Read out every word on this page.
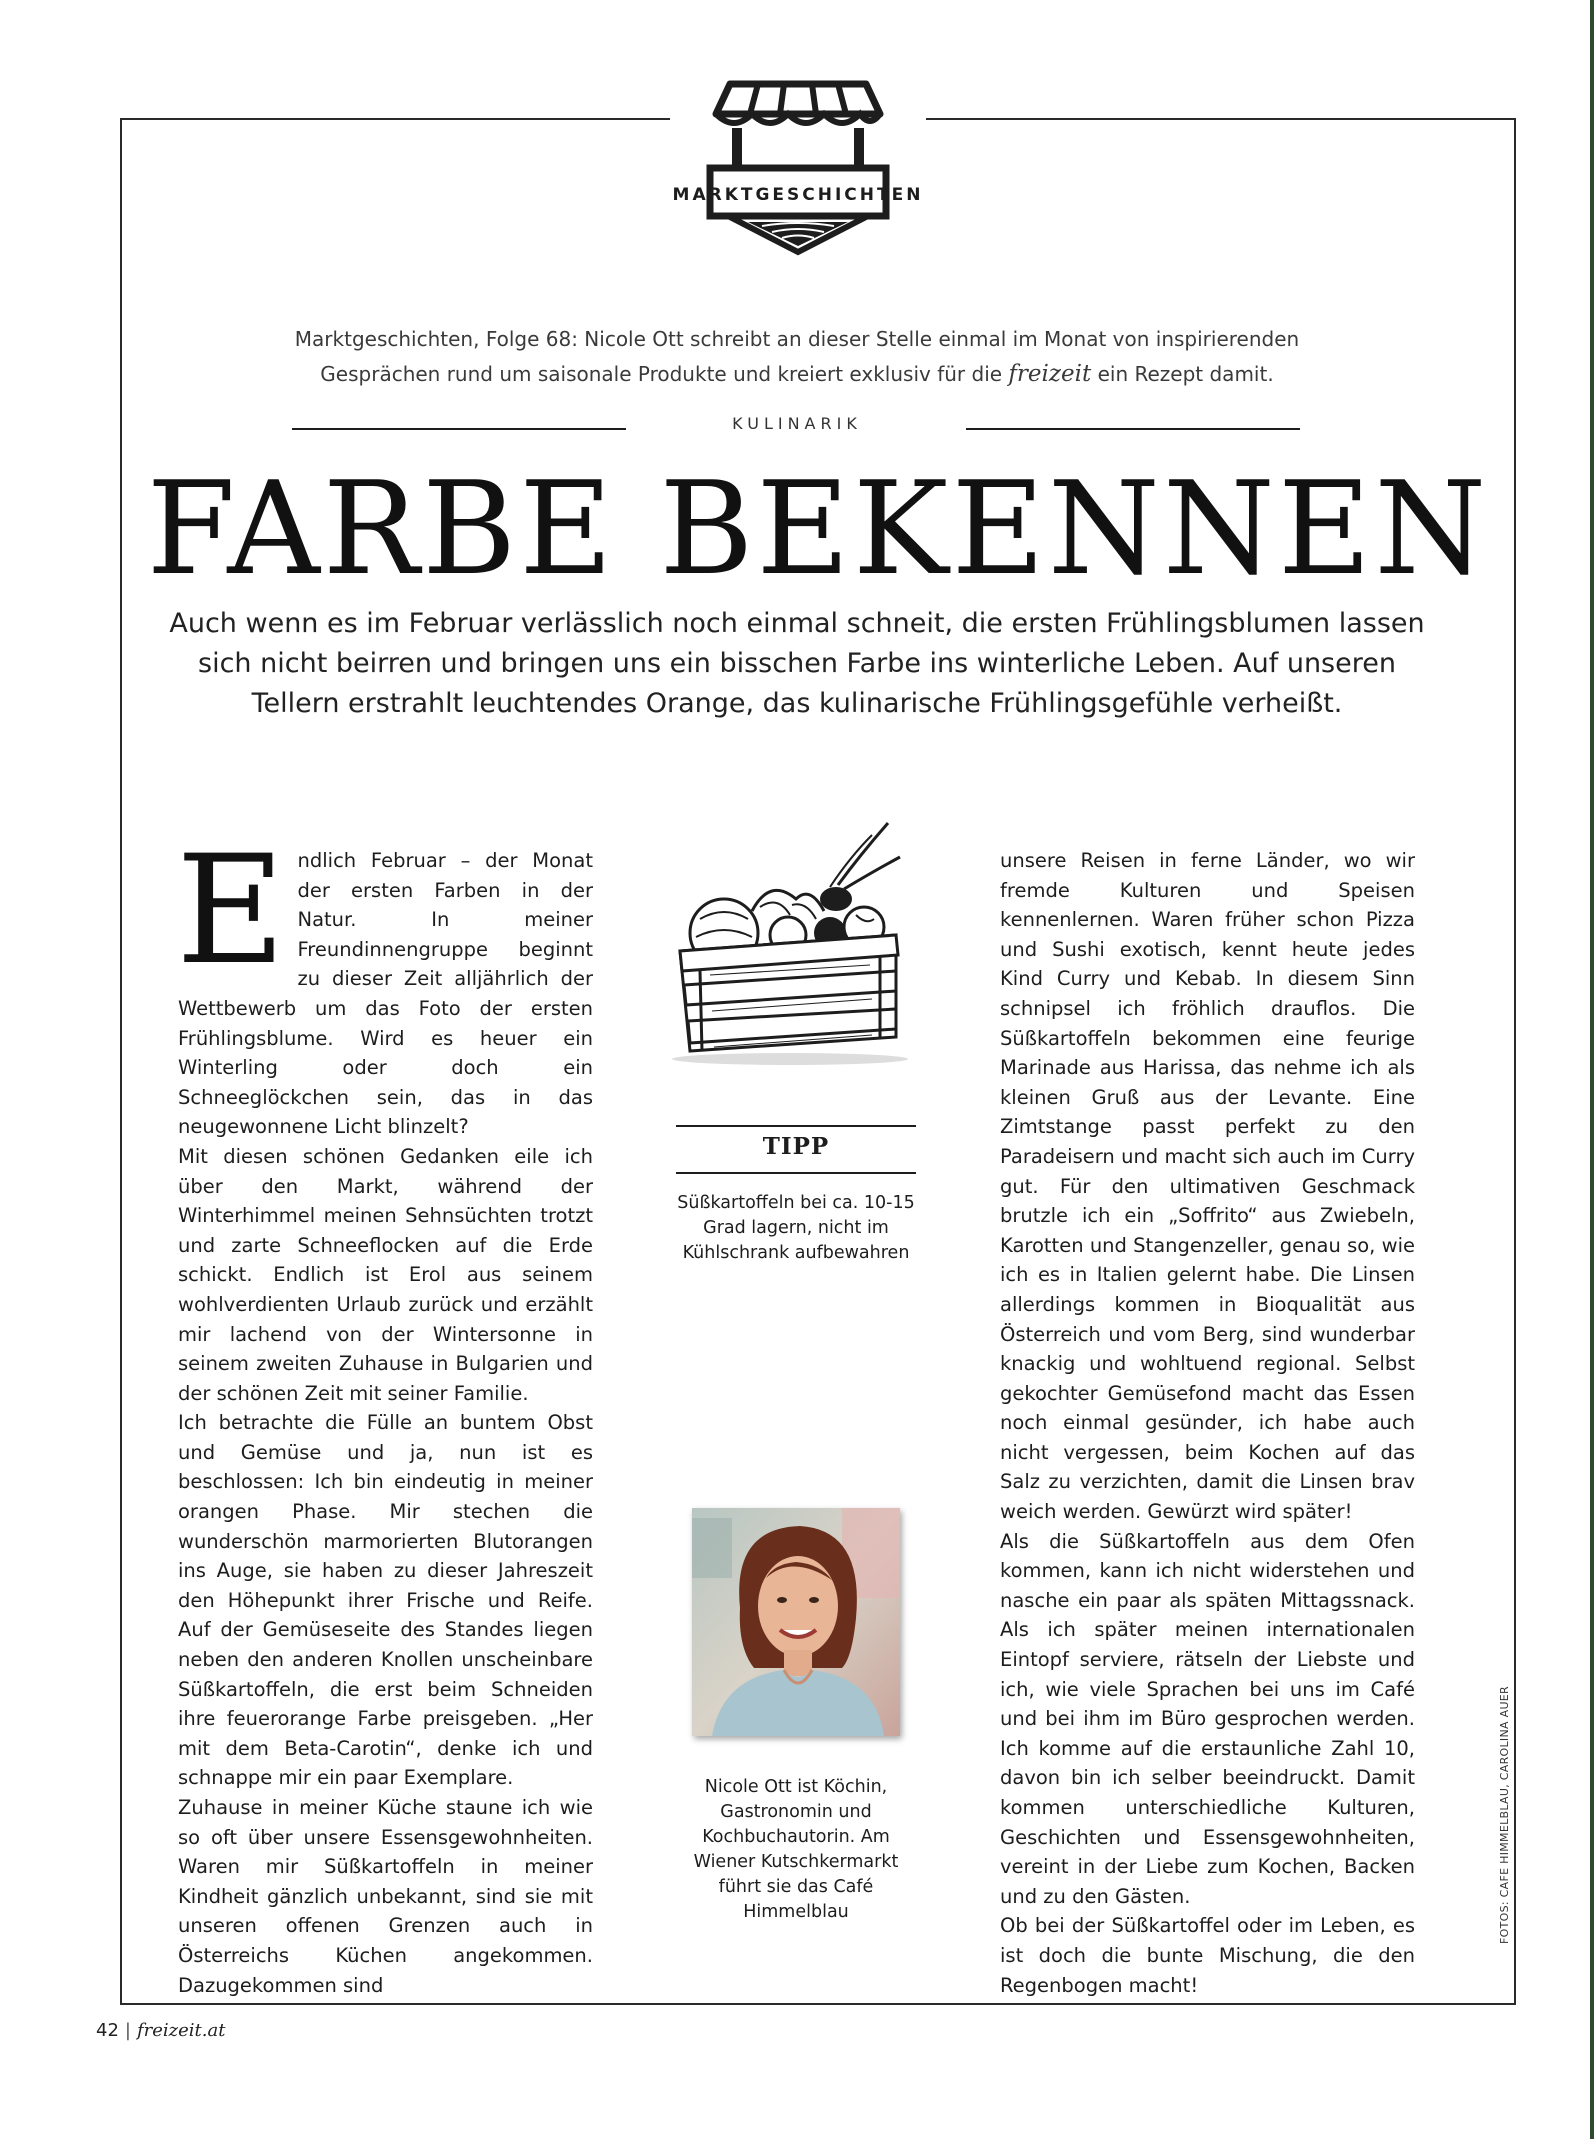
MARKTGESCHICHTEN
Marktgeschichten, Folge 68: Nicole Ott schreibt an dieser Stelle einmal im Monat von inspirierenden
Gesprächen rund um saisonale Produkte und kreiert exklusiv für die freizeit ein Rezept damit.
KULINARIK
FARBE BEKENNEN
Auch wenn es im Februar verlässlich noch einmal schneit, die ersten Frühlingsblumen lassen sich nicht beirren und bringen uns ein bisschen Farbe ins winterliche Leben. Auf unseren Tellern erstrahlt leuchtendes Orange, das kulinarische Frühlingsgefühle verheißt.

Endlich Februar – der Monat der ersten Farben in der Natur. In meiner Freundinnengruppe beginnt zu dieser Zeit alljährlich der Wettbewerb um das Foto der ersten Frühlingsblume. Wird es heuer ein Winterling oder doch ein Schneeglöckchen sein, das in das neugewonnene Licht blinzelt?

Mit diesen schönen Gedanken eile ich über den Markt, während der Winterhimmel meinen Sehnsüchten trotzt und zarte Schneeflocken auf die Erde schickt. Endlich ist Erol aus seinem wohlverdienten Urlaub zurück und erzählt mir lachend von der Wintersonne in seinem zweiten Zuhause in Bulgarien und der schönen Zeit mit seiner Familie.

Ich betrachte die Fülle an buntem Obst und Gemüse und ja, nun ist es beschlossen: Ich bin eindeutig in meiner orangen Phase. Mir stechen die wunderschön marmorierten Blutorangen ins Auge, sie haben zu dieser Jahreszeit den Höhepunkt ihrer Frische und Reife. Auf der Gemüseseite des Standes liegen neben den anderen Knollen unscheinbare Süßkartoffeln, die erst beim Schneiden ihre feuerorange Farbe preisgeben. „Her mit dem Beta-Carotin“, denke ich und schnappe mir ein paar Exemplare.

Zuhause in meiner Küche staune ich wie so oft über unsere Essensgewohnheiten. Waren mir Süßkartoffeln in meiner Kindheit gänzlich unbekannt, sind sie mit unseren offenen Grenzen auch in Österreichs Küchen angekommen. Dazugekommen sind

TIPP
Süßkartoffeln bei ca. 10-15 Grad lagern, nicht im Kühlschrank aufbewahren
Nicole Ott ist Köchin, Gastronomin und Kochbuchautorin. Am Wiener Kutschkermarkt führt sie das Café Himmelblau

unsere Reisen in ferne Länder, wo wir fremde Kulturen und Speisen kennenlernen. Waren früher schon Pizza und Sushi exotisch, kennt heute jedes Kind Curry und Kebab. In diesem Sinn schnipsel ich fröhlich drauflos. Die Süßkartoffeln bekommen eine feurige Marinade aus Harissa, das nehme ich als kleinen Gruß aus der Levante. Eine Zimtstange passt perfekt zu den Paradeisern und macht sich auch im Curry gut. Für den ultimativen Geschmack brutzle ich ein „Soffrito“ aus Zwiebeln, Karotten und Stangenzeller, genau so, wie ich es in Italien gelernt habe. Die Linsen allerdings kommen in Bioqualität aus Österreich und vom Berg, sind wunderbar knackig und wohltuend regional. Selbst gekochter Gemüsefond macht das Essen noch einmal gesünder, ich habe auch nicht vergessen, beim Kochen auf das Salz zu verzichten, damit die Linsen brav weich werden. Gewürzt wird später!

Als die Süßkartoffeln aus dem Ofen kommen, kann ich nicht widerstehen und nasche ein paar als späten Mittagssnack. Als ich später meinen internationalen Eintopf serviere, rätseln der Liebste und ich, wie viele Sprachen bei uns im Café und bei ihm im Büro gesprochen werden. Ich komme auf die erstaunliche Zahl 10, davon bin ich selber beeindruckt. Damit kommen unterschiedliche Kulturen, Geschichten und Essensgewohnheiten, vereint in der Liebe zum Kochen, Backen und zu den Gästen.

Ob bei der Süßkartoffel oder im Leben, es ist doch die bunte Mischung, die den Regenbogen macht!

FOTOS: CAFE HIMMELBLAU, CAROLINA AUER
42 | freizeit.at
